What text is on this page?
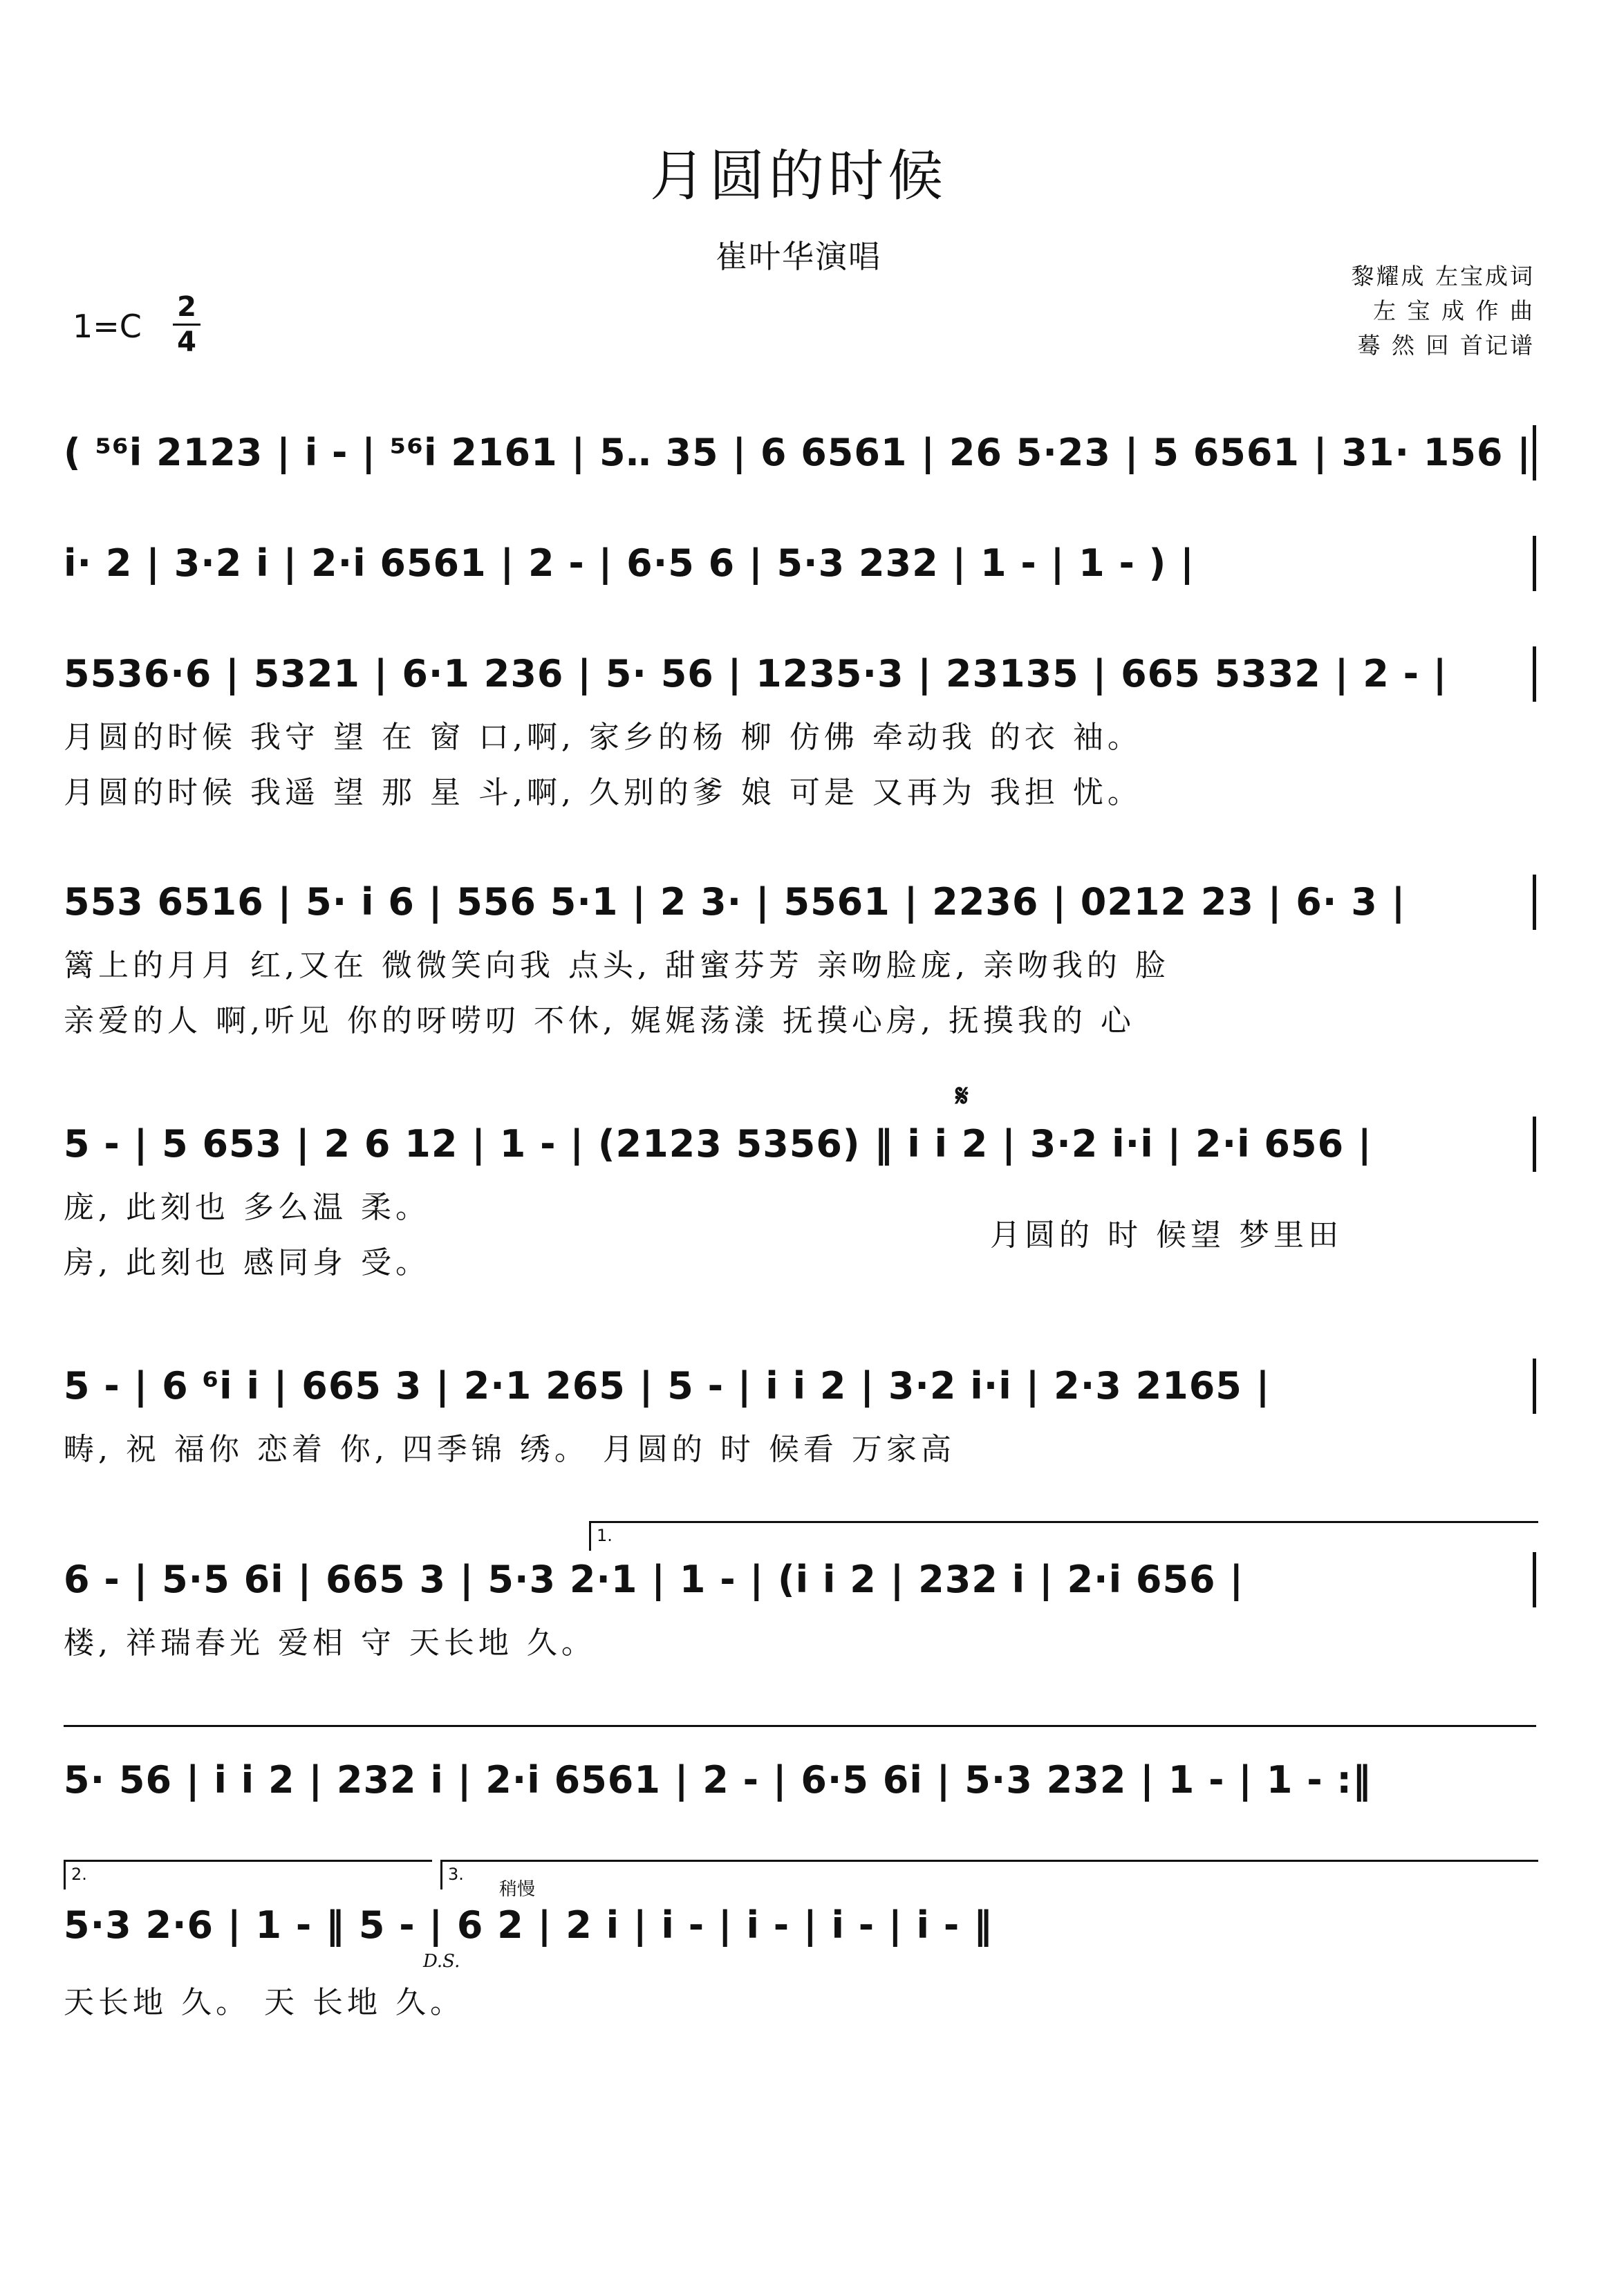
月圆的时候
崔叶华演唱
黎耀成 左宝成词
左 宝 成 作 曲
蓦 然 回 首记谱
1=C
2
4
( ⁵⁶i 2123 | i - | ⁵⁶i 2161 | 5‥ 35 | 6 6561 | 26 5·23 | 5 6561 | 31· 156 |
i· 2 | 3·2 i | 2·i 6561 | 2 - | 6·5 6 | 5·3 232 | 1 - | 1 - ) |
5536·6 | 5321 | 6·1 236 | 5· 56 | 1235·3 | 23135 | 665 5332 | 2 - |
月圆的时候 我守 望 在 窗 口,啊, 家乡的杨 柳 仿佛 牵动我 的衣 袖。
月圆的时候 我遥 望 那 星 斗,啊, 久别的爹 娘 可是 又再为 我担 忧。
553 6516 | 5· i 6 | 556 5·1 | 2 3· | 5561 | 2236 | 0212 23 | 6· 3 |
篱上的月月 红,又在 微微笑向我 点头, 甜蜜芬芳 亲吻脸庞, 亲吻我的 脸
亲爱的人 啊,听见 你的呀唠叨 不休, 娓娓荡漾 抚摸心房, 抚摸我的 心
𝄋
5 - | 5 653 | 2 6 12 | 1 - | (2123 5356) ‖ i i 2 | 3·2 i·i | 2·i 656 |
庞, 此刻也 多么温 柔。
房, 此刻也 感同身 受。
月圆的 时 候望 梦里田
5 - | 6 ⁶i i | 665 3 | 2·1 265 | 5 - | i i 2 | 3·2 i·i | 2·3 2165 |
畴, 祝 福你 恋着 你, 四季锦 绣。 月圆的 时 候看 万家高
1.
6 - | 5·5 6i | 665 3 | 5·3 2·1 | 1 - | (i i 2 | 232 i | 2·i 656 |
楼, 祥瑞春光 爱相 守 天长地 久。
5· 56 | i i 2 | 232 i | 2·i 6561 | 2 - | 6·5 6i | 5·3 232 | 1 - | 1 - :‖
2.	3.
稍慢
5·3 2·6 | 1 - ‖ 5 - | 6 2 | 2 i | i - | i - | i - | i - ‖
D.S.
天长地 久。 天 长地 久。
